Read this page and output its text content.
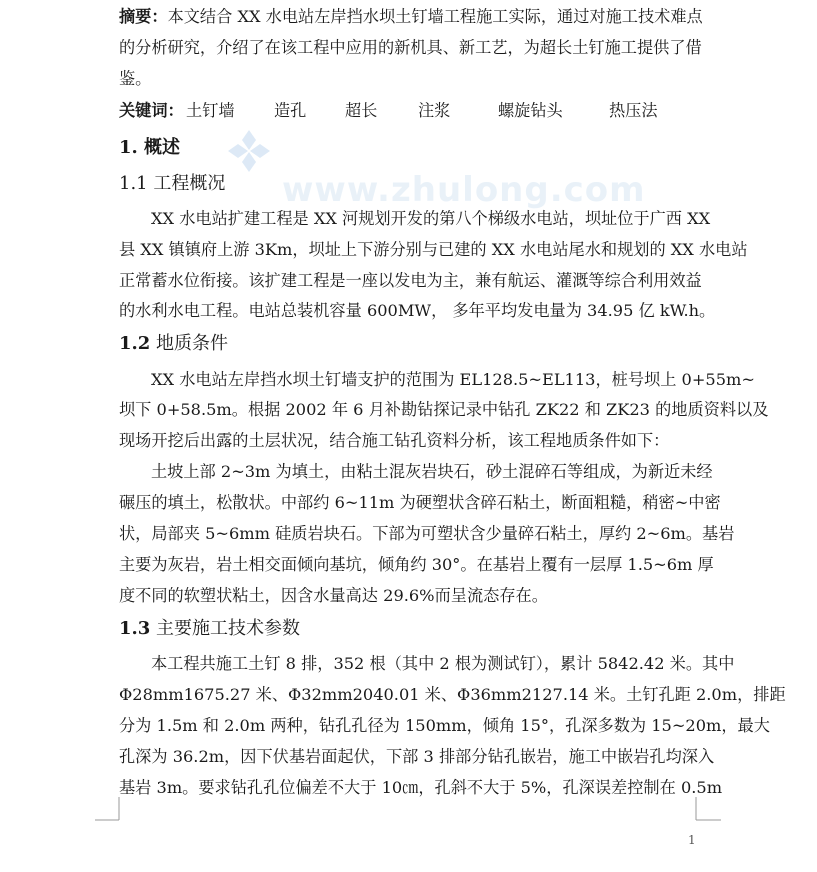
www.zhulong.com
摘要：本文结合 XX 水电站左岸挡水坝土钉墙工程施工实际，通过对施工技术难点
的分析研究，介绍了在该工程中应用的新机具、新工艺，为超长土钉施工提供了借
鉴。
关键词： 土钉墙 造孔 超长	注浆	螺旋钻头	热压法
1. 概述
1.1 工程概况
XX 水电站扩建工程是 XX 河规划开发的第八个梯级水电站，坝址位于广西 XX
县 XX 镇镇府上游 3Km，坝址上下游分别与已建的 XX 水电站尾水和规划的 XX 水电站
正常蓄水位衔接。该扩建工程是一座以发电为主，兼有航运、灌溉等综合利用效益
的水利水电工程。电站总装机容量 600MW， 多年平均发电量为 34.95 亿 kW.h。
1.2 地质条件
XX 水电站左岸挡水坝土钉墙支护的范围为 EL128.5~EL113，桩号坝上 0+55m~
坝下 0+58.5m。根据 2002 年 6 月补勘钻探记录中钻孔 ZK22 和 ZK23 的地质资料以及
现场开挖后出露的土层状况，结合施工钻孔资料分析，该工程地质条件如下：
土坡上部 2~3m 为填土，由粘土混灰岩块石，砂土混碎石等组成，为新近未经
碾压的填土，松散状。中部约 6~11m 为硬塑状含碎石粘土，断面粗糙，稍密~中密
状，局部夹 5~6mm 硅质岩块石。下部为可塑状含少量碎石粘土，厚约 2~6m。基岩
主要为灰岩，岩土相交面倾向基坑，倾角约 30°。在基岩上覆有一层厚 1.5~6m 厚
度不同的软塑状粘土，因含水量高达 29.6%而呈流态存在。
1.3 主要施工技术参数
本工程共施工土钉 8 排，352 根（其中 2 根为测试钉），累计 5842.42 米。其中
Φ28mm1675.27 米、Φ32mm2040.01 米、Φ36mm2127.14 米。土钉孔距 2.0m，排距
分为 1.5m 和 2.0m 两种，钻孔孔径为 150mm，倾角 15°，孔深多数为 15~20m，最大
孔深为 36.2m，因下伏基岩面起伏，下部 3 排部分钻孔嵌岩，施工中嵌岩孔均深入
基岩 3m。要求钻孔孔位偏差不大于 10㎝，孔斜不大于 5%，孔深误差控制在 0.5m
1
